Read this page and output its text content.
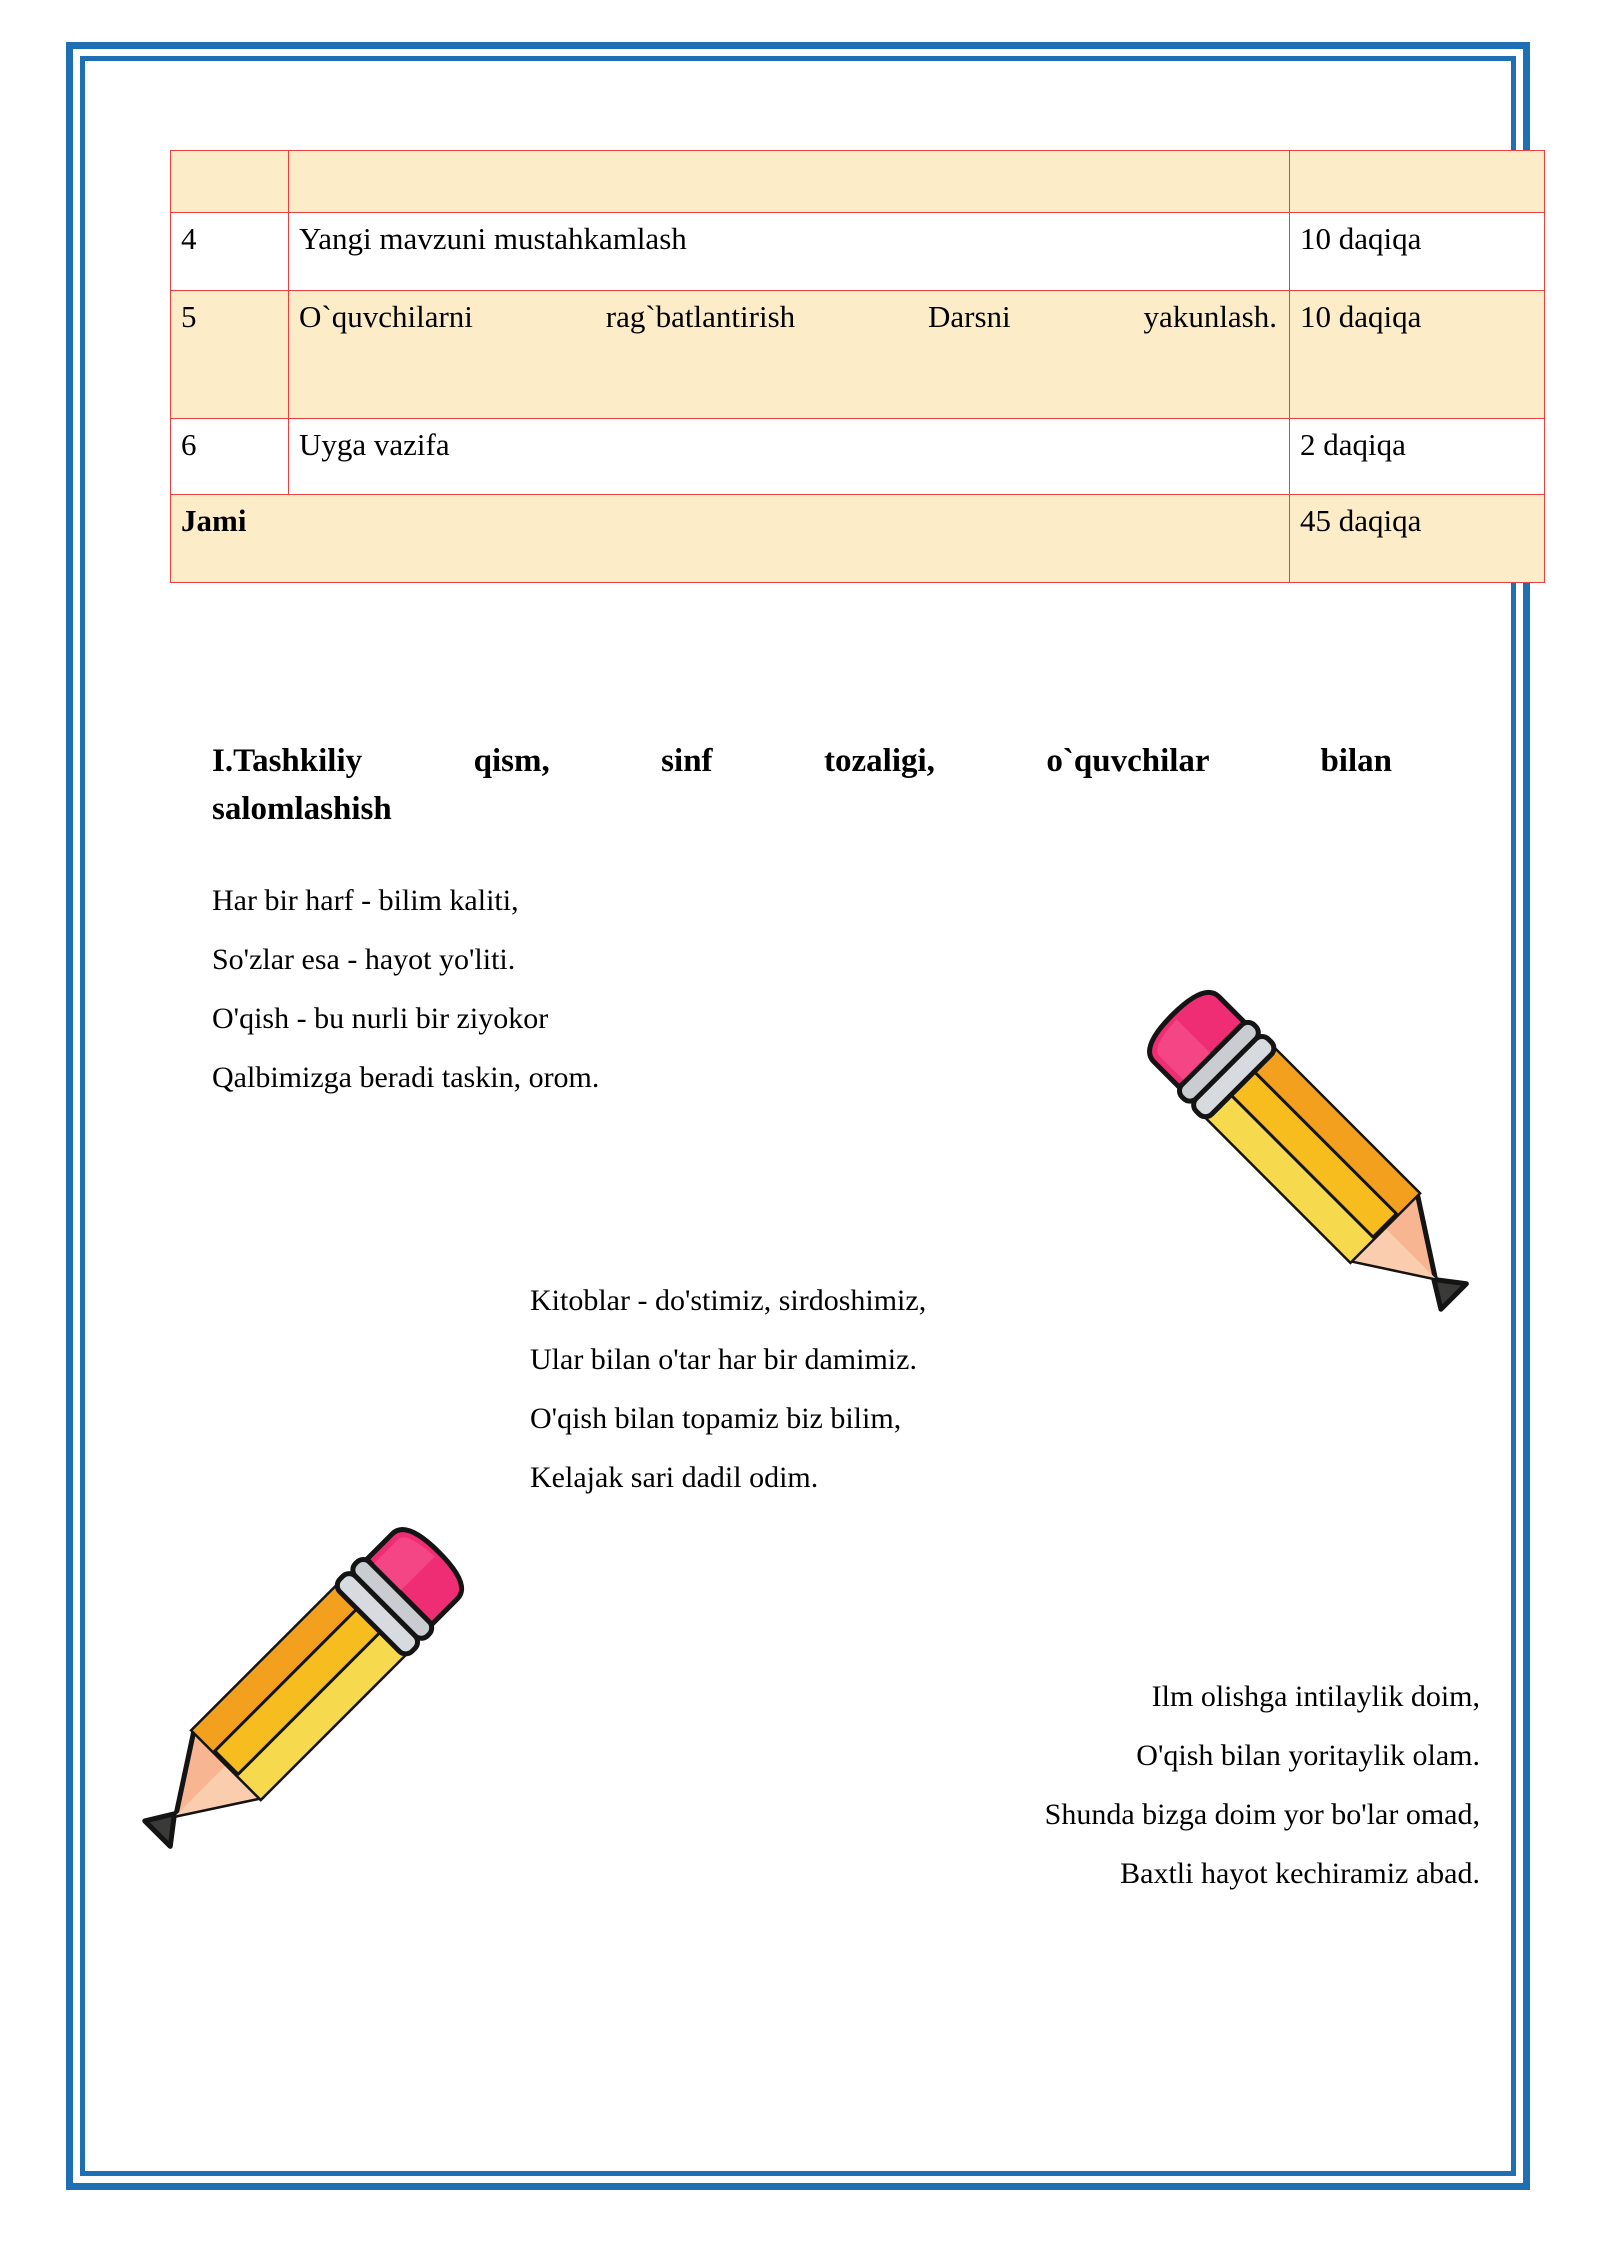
4	Yangi mavzuni mustahkamlash	10 daqiqa
5	O`quvchilarni rag`batlantirish Darsni yakunlash.	10 daqiqa
6	Uyga vazifa	2 daqiqa
Jami		45 daqiqa
I.Tashkiliy qism, sinf tozaligi, o`quvchilar bilan
salomlashish
Har bir harf - bilim kaliti,
So'zlar esa - hayot yo'liti.
O'qish - bu nurli bir ziyokor
Qalbimizga beradi taskin, orom.
Kitoblar - do'stimiz, sirdoshimiz,
Ular bilan o'tar har bir damimiz.
O'qish bilan topamiz biz bilim,
Kelajak sari dadil odim.
Ilm olishga intilaylik doim,
O'qish bilan yoritaylik olam.
Shunda bizga doim yor bo'lar omad,
Baxtli hayot kechiramiz abad.
